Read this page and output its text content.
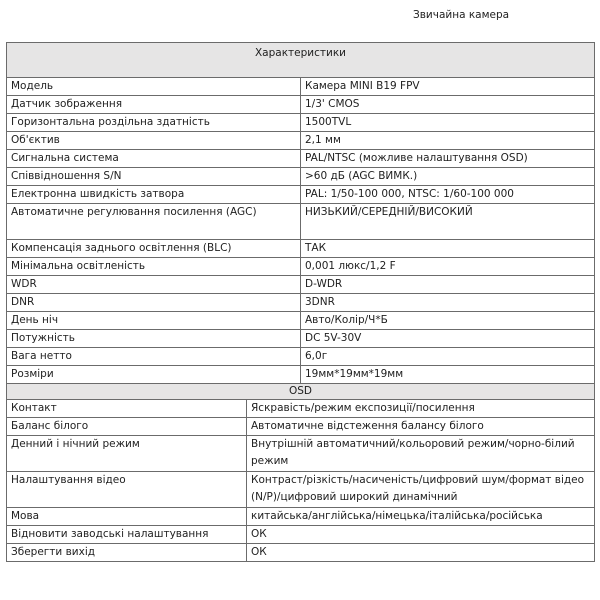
Звичайна камера
Характеристики	
Модель	Камера MINI B19 FPV
Датчик зображення	1/3' CMOS
Горизонтальна роздільна здатність	1500TVL
Об'єктив	2,1 мм
Сигнальна система	PAL/NTSC (можливе налаштування OSD)
Співвідношення S/N	>60 дБ (AGC ВИМК.)
Електронна швидкість затвора	PAL: 1/50-100 000, NTSC: 1/60-100 000
Автоматичне регулювання посилення (AGC)	НИЗЬКИЙ/СЕРЕДНІЙ/ВИСОКИЙ
Компенсація заднього освітлення (BLC)	ТАК
Мінімальна освітленість	0,001 люкс/1,2 F
WDR	D-WDR
DNR	3DNR
День ніч	Авто/Колір/Ч*Б
Потужність	DC 5V-30V
Вага нетто	6,0г
Розміри	19мм*19мм*19мм
OSD	
Контакт	Яскравість/режим експозиції/посилення
Баланс білого	Автоматичне відстеження балансу білого
Денний і нічний режим	Внутрішній автоматичний/кольоровий режим/чорно-білий режим
Налаштування відео	Контраст/різкість/насиченість/цифровий шум/формат відео (N/P)/цифровий широкий динамічний
Мова	китайська/англійська/німецька/італійська/російська
Відновити заводські налаштування	ОК
Зберегти вихід	ОК
